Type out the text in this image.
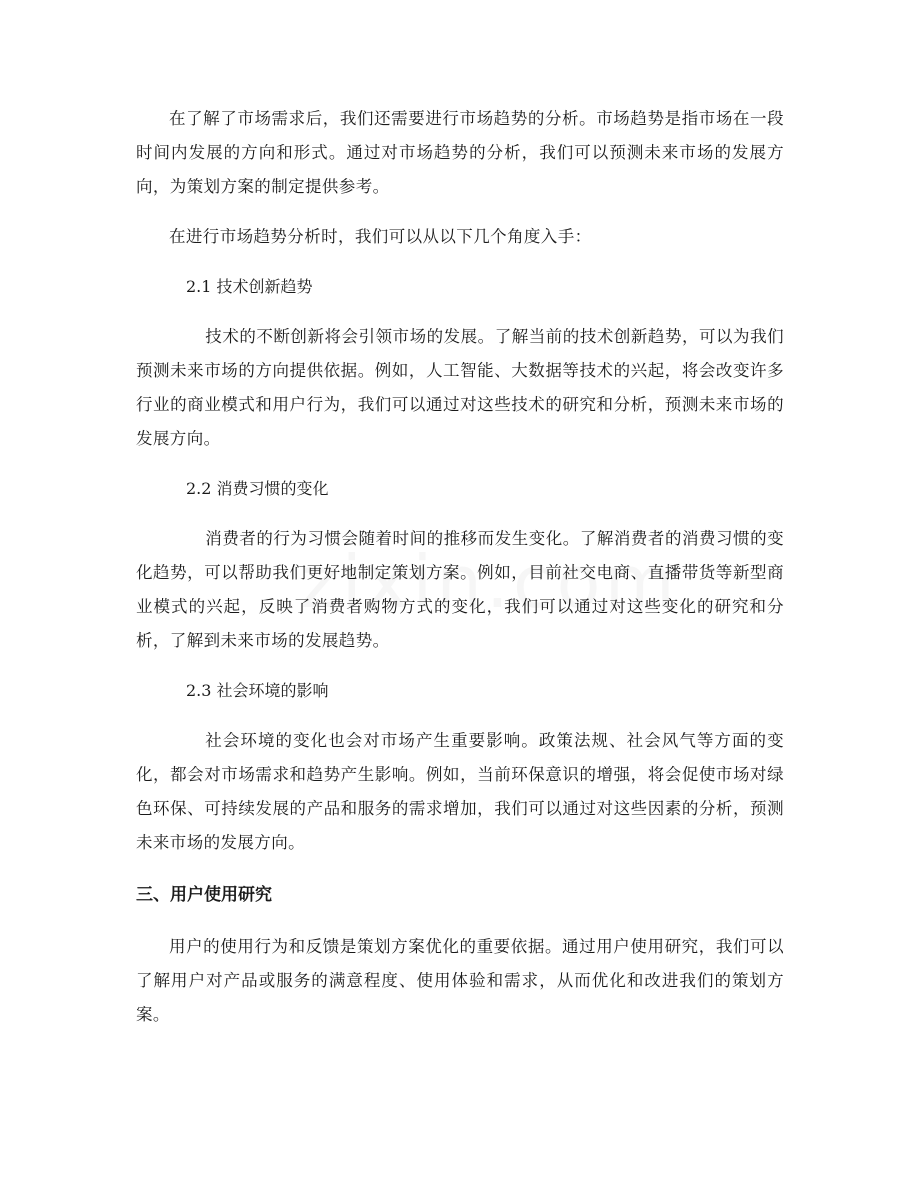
在了解了市场需求后，我们还需要进行市场趋势的分析。市场趋势是指市场在一段时间内发展的方向和形式。通过对市场趋势的分析，我们可以预测未来市场的发展方向，为策划方案的制定提供参考。

在进行市场趋势分析时，我们可以从以下几个角度入手：

2.1 技术创新趋势

技术的不断创新将会引领市场的发展。了解当前的技术创新趋势，可以为我们预测未来市场的方向提供依据。例如，人工智能、大数据等技术的兴起，将会改变许多行业的商业模式和用户行为，我们可以通过对这些技术的研究和分析，预测未来市场的发展方向。

2.2 消费习惯的变化

消费者的行为习惯会随着时间的推移而发生变化。了解消费者的消费习惯的变化趋势，可以帮助我们更好地制定策划方案。例如，目前社交电商、直播带货等新型商业模式的兴起，反映了消费者购物方式的变化，我们可以通过对这些变化的研究和分析，了解到未来市场的发展趋势。

2.3 社会环境的影响

社会环境的变化也会对市场产生重要影响。政策法规、社会风气等方面的变化，都会对市场需求和趋势产生影响。例如，当前环保意识的增强，将会促使市场对绿色环保、可持续发展的产品和服务的需求增加，我们可以通过对这些因素的分析，预测未来市场的发展方向。

三、用户使用研究

用户的使用行为和反馈是策划方案优化的重要依据。通过用户使用研究，我们可以了解用户对产品或服务的满意程度、使用体验和需求，从而优化和改进我们的策划方案。
